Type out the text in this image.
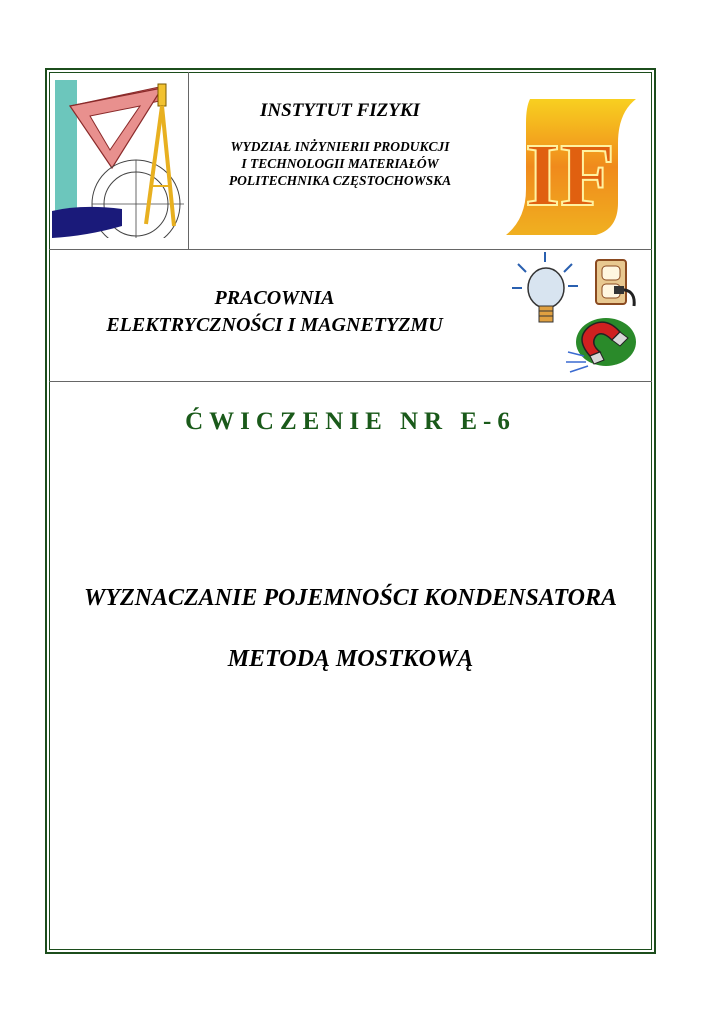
IF
INSTYTUT FIZYKI
WYDZIAŁ INŻYNIERII PRODUKCJI
I TECHNOLOGII MATERIAŁÓW
POLITECHNIKA CZĘSTOCHOWSKA
PRACOWNIA
ELEKTRYCZNOŚCI I MAGNETYZMU
ĆWICZENIE NR E-6
WYZNACZANIE POJEMNOŚCI KONDENSATORA
METODĄ MOSTKOWĄ
